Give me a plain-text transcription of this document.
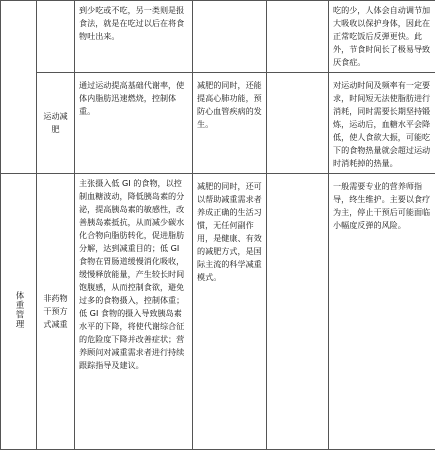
		到少吃或不吃，另一类则是报食法，就是在吃过以后在将食物吐出来。			吃的少，人体会自动调节加大吸收以保护身体，因此在正常吃饭后反弹更快。此外，节食时间长了极易导致厌食症。
	运动减肥	通过运动提高基础代谢率，使体内脂肪迅速燃烧，控制体重。	减肥的同时，还能提高心肺功能，预防心血管疾病的发生。		对运动时间及频率有一定要求，时间短无法使脂肪进行消耗，同时需要长期坚持锻炼，运动后，血糖水平会降低，使人食欲大振，可能吃下的食物热量就会超过运动时消耗掉的热量。
体重管理	非药物干预方式减重	主张摄入低 GI 的食物，以控制血糖波动，降低胰岛素的分泌，提高胰岛素的敏感性，改善胰岛素抵抗，从而减少碳水化合物向脂肪转化，促进脂肪分解，达到减重目的；低 GI 食物在胃肠道缓慢消化吸收，缓慢释放能量，产生较长时间饱腹感，从而控制食欲，避免过多的食物摄入，控制体重；低 GI 食物的摄入导致胰岛素水平的下降，将使代谢综合征的危险度下降并改善症状；营养顾问对减重需求者进行持续跟踪指导及建议。	减肥的同时，还可以帮助减重需求者养成正确的生活习惯，无任何副作用，是健康、有效的减肥方式，是国际主流的科学减重模式。		一般需要专业的营养师指导，终生维护。主要以食疗为主，停止干预后可能面临小幅度反弹的风险。
